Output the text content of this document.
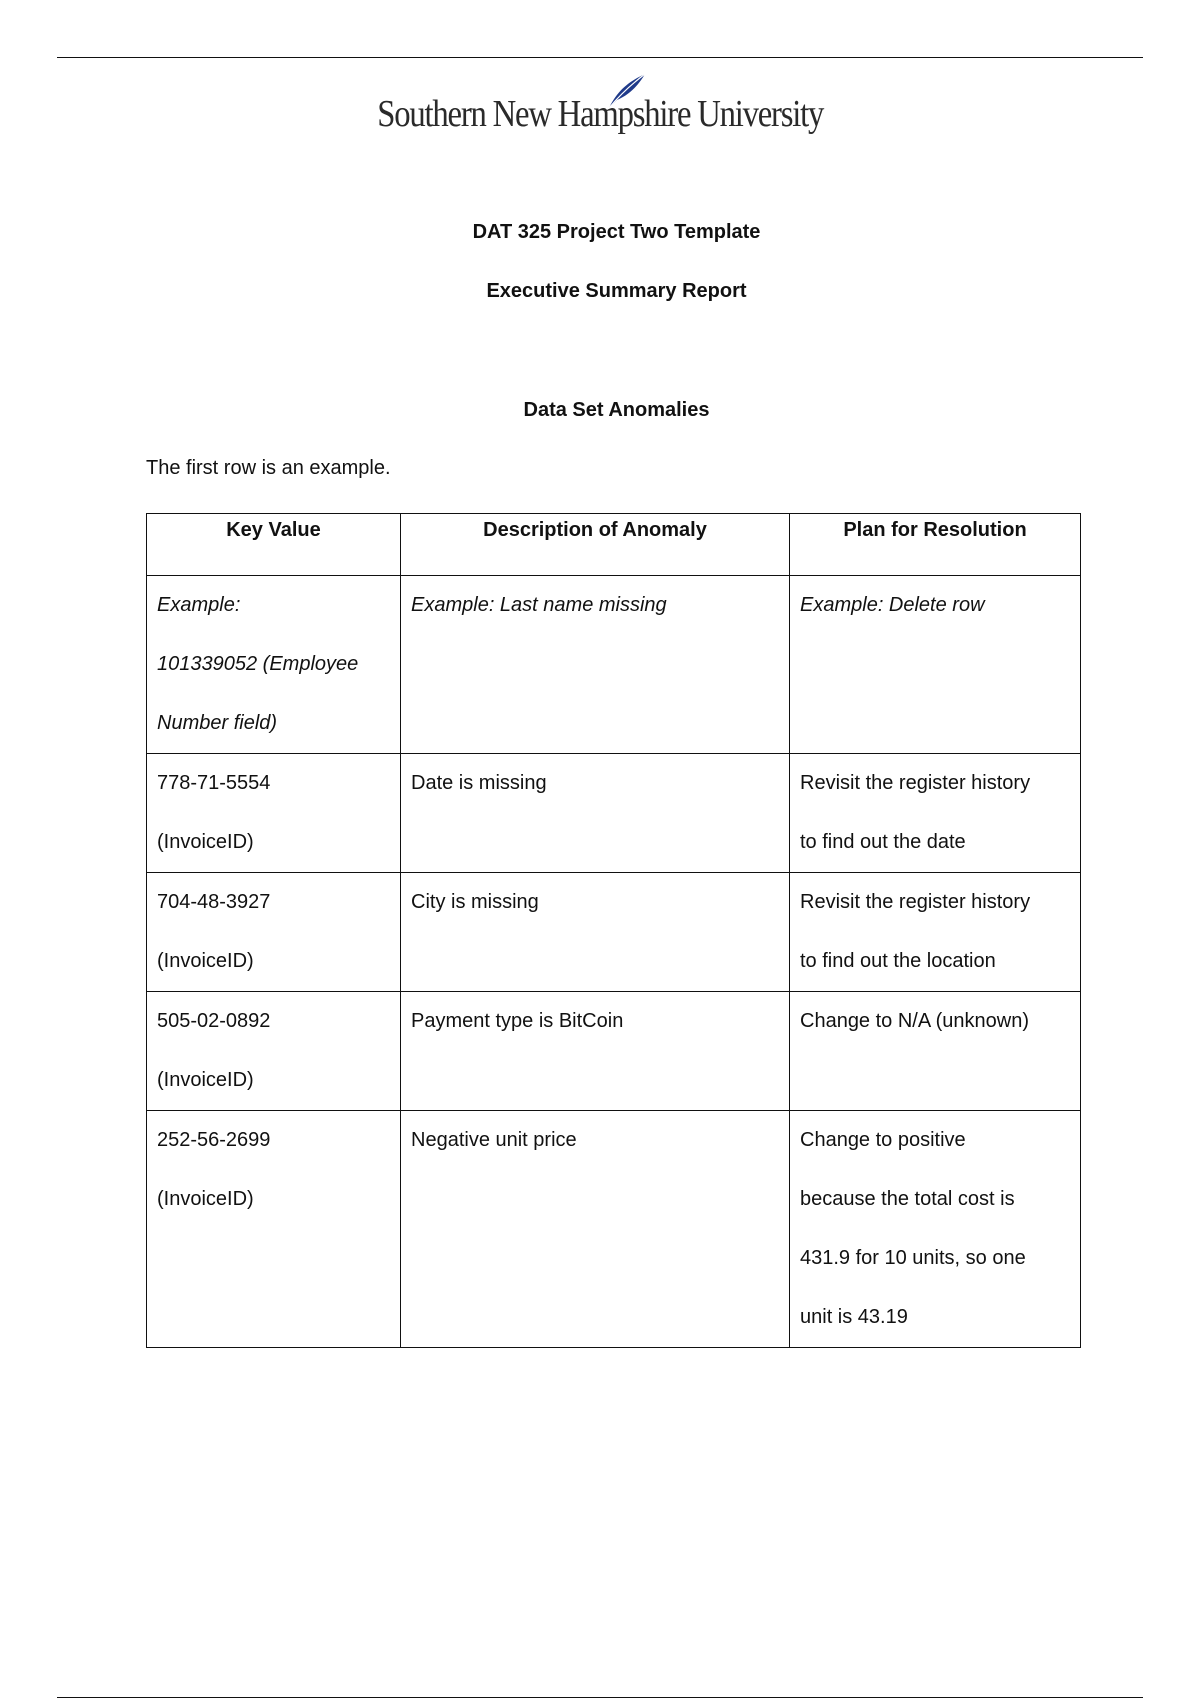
Southern New Hampshire University
DAT 325 Project Two Template
Executive Summary Report
Data Set Anomalies
The first row is an example.
Key Value	Description of Anomaly	Plan for Resolution

Example:
101339052 (Employee
Number field)	Example: Last name missing	Example: Delete row

778-71-5554
(InvoiceID)	Date is missing	Revisit the register history
to find out the date

704-48-3927
(InvoiceID)	City is missing	Revisit the register history
to find out the location

505-02-0892
(InvoiceID)	Payment type is BitCoin	Change to N/A (unknown)

252-56-2699
(InvoiceID)	Negative unit price	Change to positive
because the total cost is
431.9 for 10 units, so one
unit is 43.19
